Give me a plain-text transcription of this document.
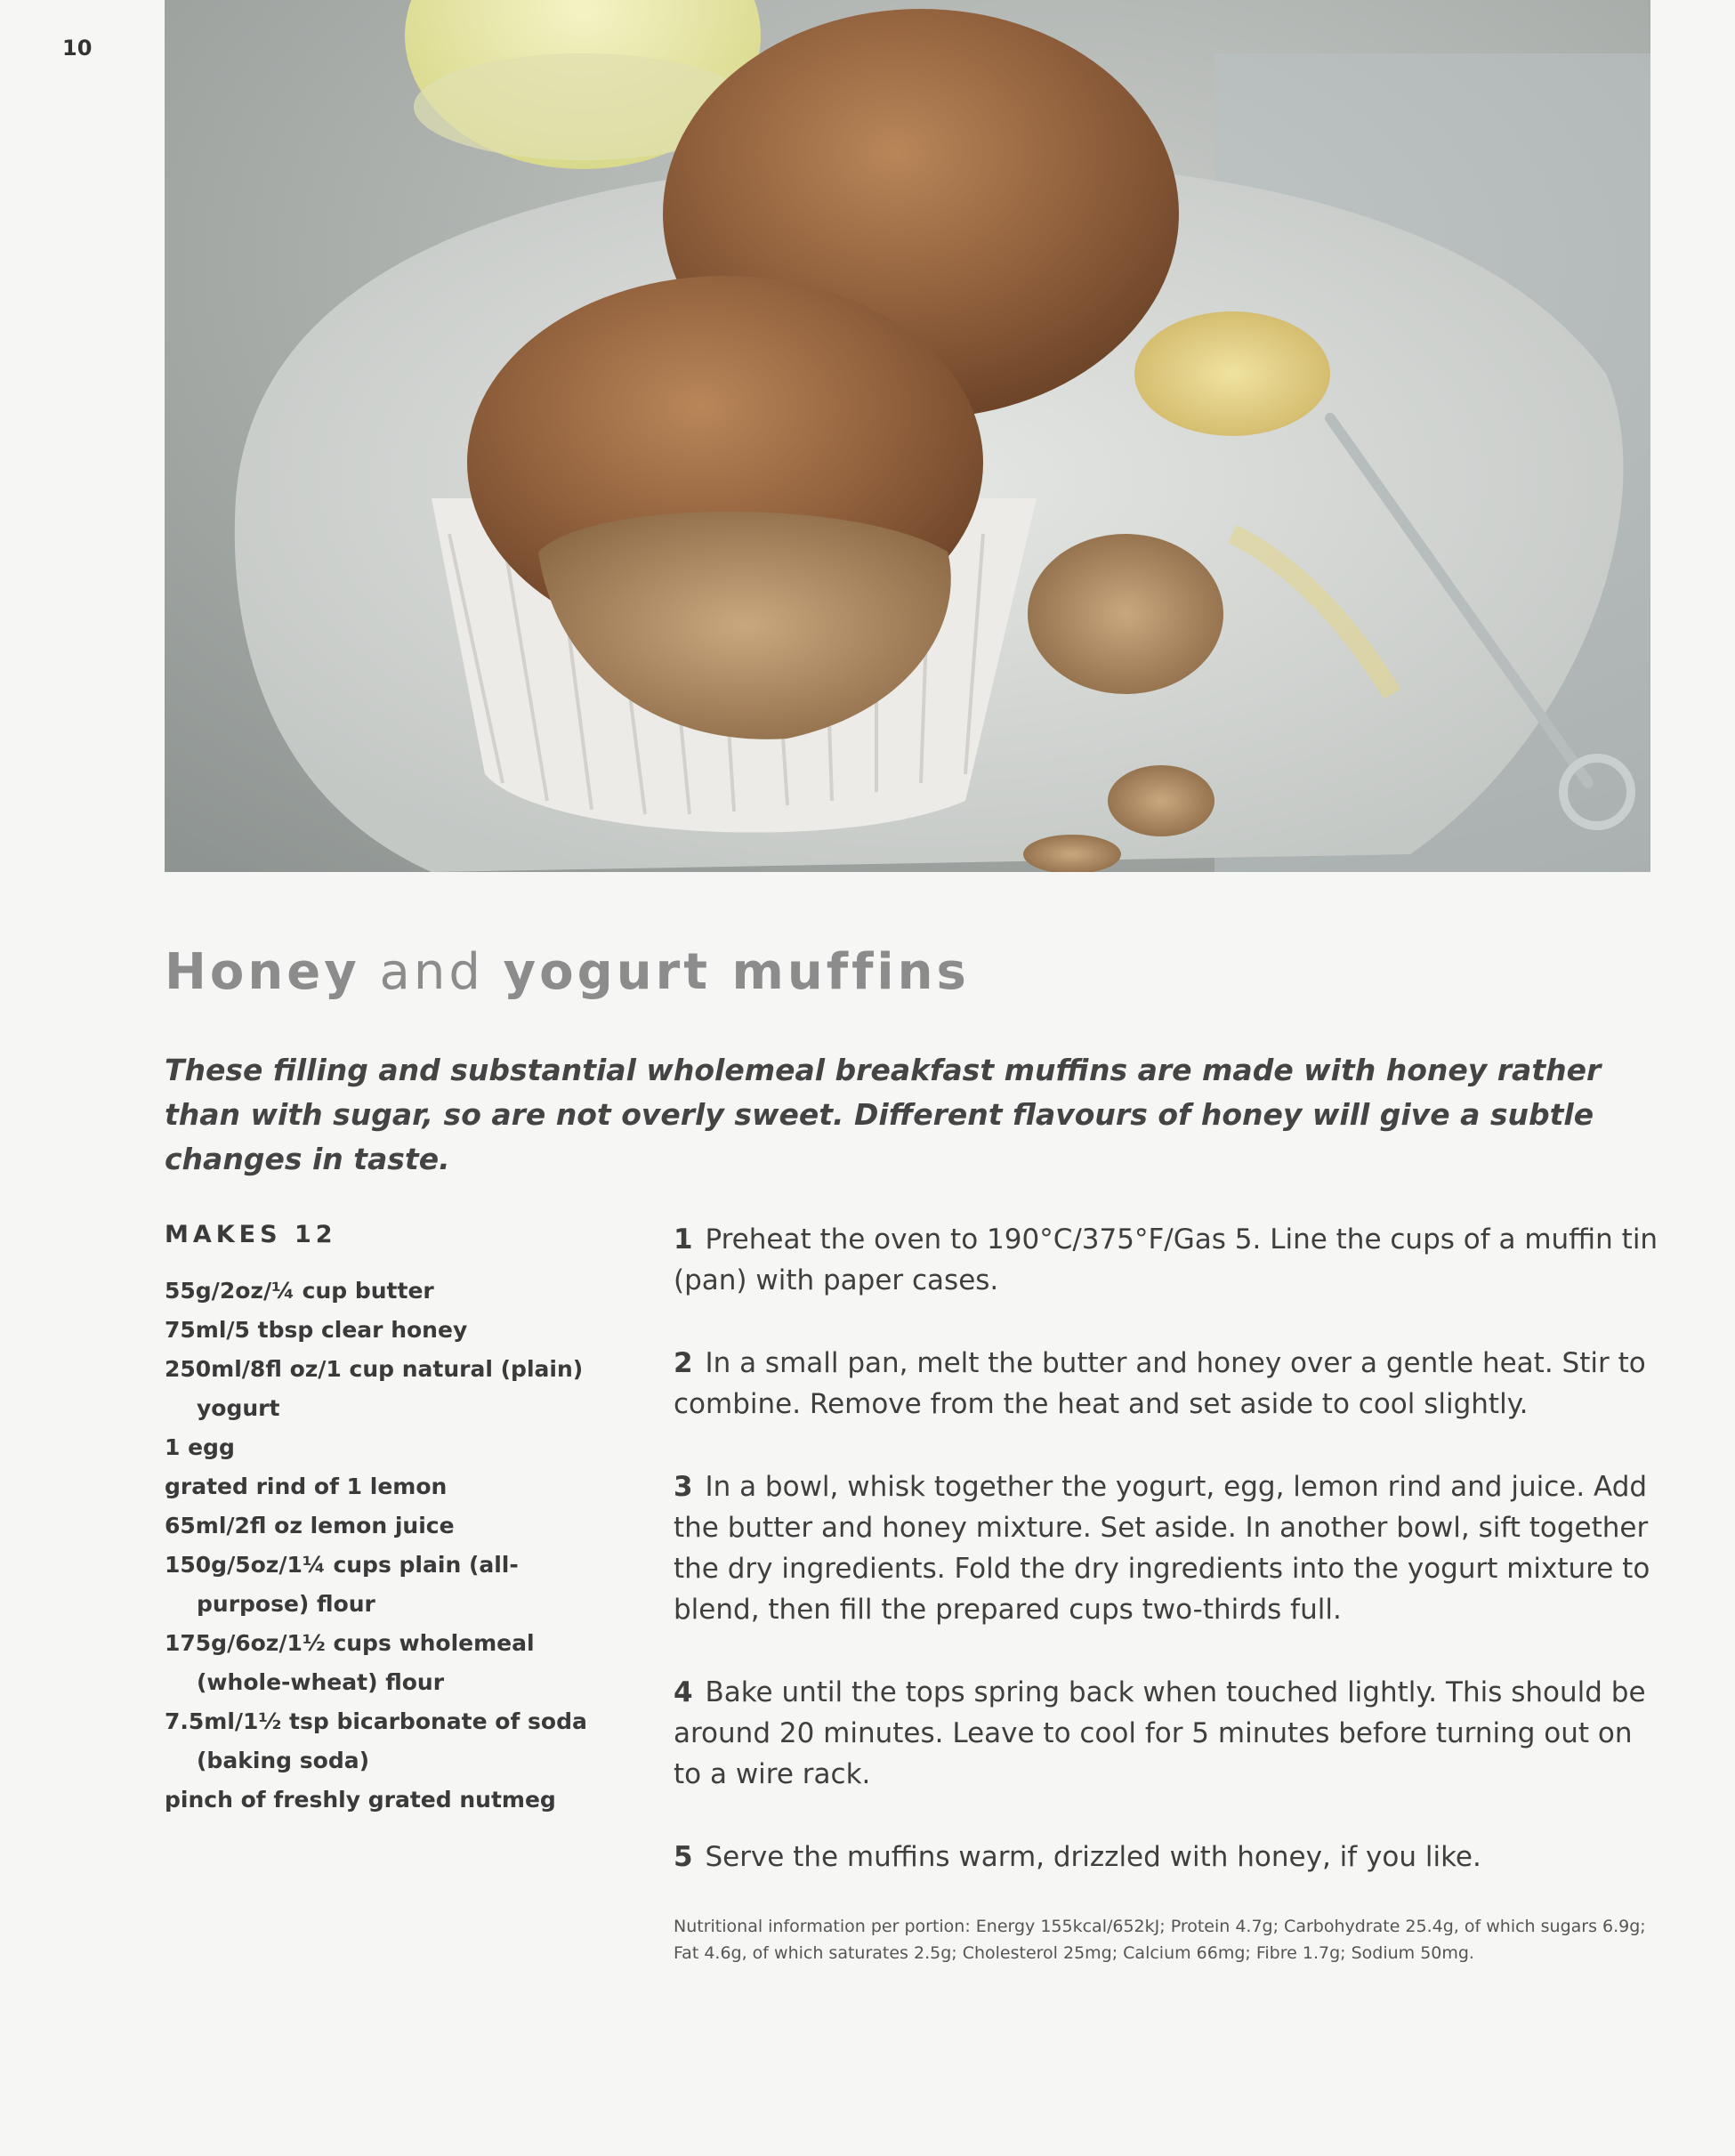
10
Honey and yogurt muffins

These filling and substantial wholemeal breakfast muffins are made with honey rather than with sugar, so are not overly sweet. Different flavours of honey will give a subtle changes in taste.

MAKES 12

55g/2oz/¼ cup butter
75ml/5 tbsp clear honey
250ml/8fl oz/1 cup natural (plain) yogurt
1 egg
grated rind of 1 lemon
65ml/2fl oz lemon juice
150g/5oz/1¼ cups plain (all-purpose) flour
175g/6oz/1½ cups wholemeal (whole-wheat) flour
7.5ml/1½ tsp bicarbonate of soda (baking soda)
pinch of freshly grated nutmeg

1 Preheat the oven to 190°C/375°F/Gas 5. Line the cups of a muffin tin (pan) with paper cases.

2 In a small pan, melt the butter and honey over a gentle heat. Stir to combine. Remove from the heat and set aside to cool slightly.

3 In a bowl, whisk together the yogurt, egg, lemon rind and juice. Add the butter and honey mixture. Set aside. In another bowl, sift together the dry ingredients. Fold the dry ingredients into the yogurt mixture to blend, then fill the prepared cups two-thirds full.

4 Bake until the tops spring back when touched lightly. This should be around 20 minutes. Leave to cool for 5 minutes before turning out on to a wire rack.

5 Serve the muffins warm, drizzled with honey, if you like.

Nutritional information per portion: Energy 155kcal/652kJ; Protein 4.7g; Carbohydrate 25.4g, of which sugars 6.9g; Fat 4.6g, of which saturates 2.5g; Cholesterol 25mg; Calcium 66mg; Fibre 1.7g; Sodium 50mg.
